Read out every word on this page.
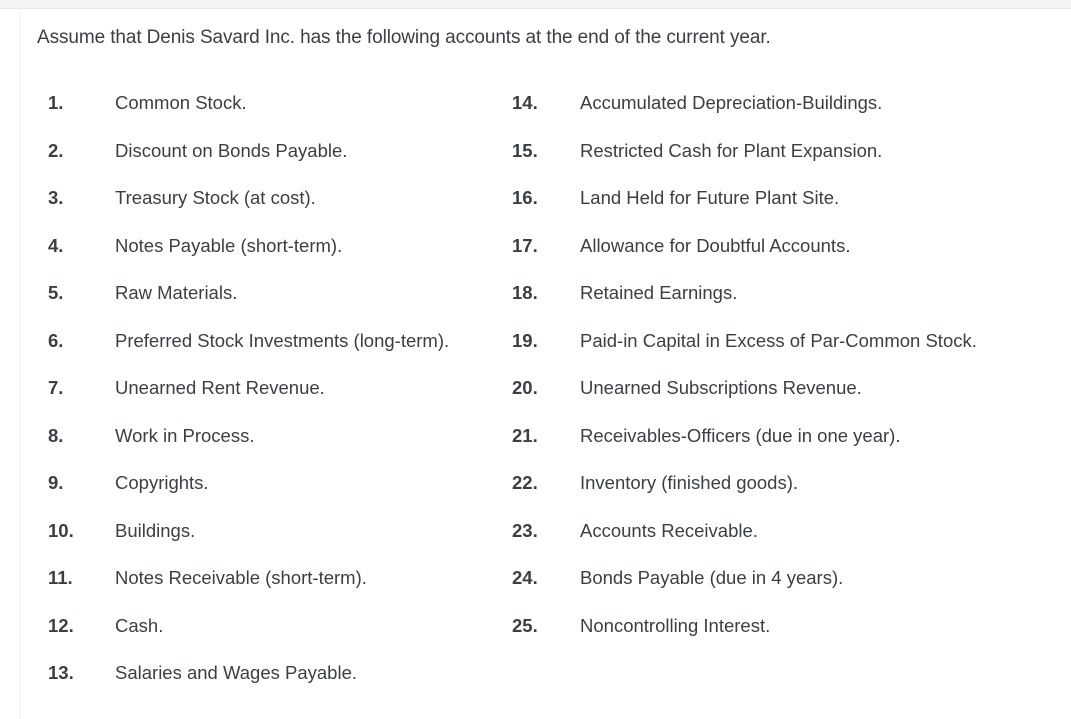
Assume that Denis Savard Inc. has the following accounts at the end of the current year.
1.	Common Stock.
2.	Discount on Bonds Payable.
3.	Treasury Stock (at cost).
4.	Notes Payable (short-term).
5.	Raw Materials.
6.	Preferred Stock Investments (long-term).
7.	Unearned Rent Revenue.
8.	Work in Process.
9.	Copyrights.
10. Buildings.
11. Notes Receivable (short-term).
12. Cash.
13. Salaries and Wages Payable.
14. Accumulated Depreciation-Buildings.
15. Restricted Cash for Plant Expansion.
16. Land Held for Future Plant Site.
17. Allowance for Doubtful Accounts.
18. Retained Earnings.
19. Paid-in Capital in Excess of Par-Common Stock.
20. Unearned Subscriptions Revenue.
21. Receivables-Officers (due in one year).
22. Inventory (finished goods).
23. Accounts Receivable.
24. Bonds Payable (due in 4 years).
25. Noncontrolling Interest.
